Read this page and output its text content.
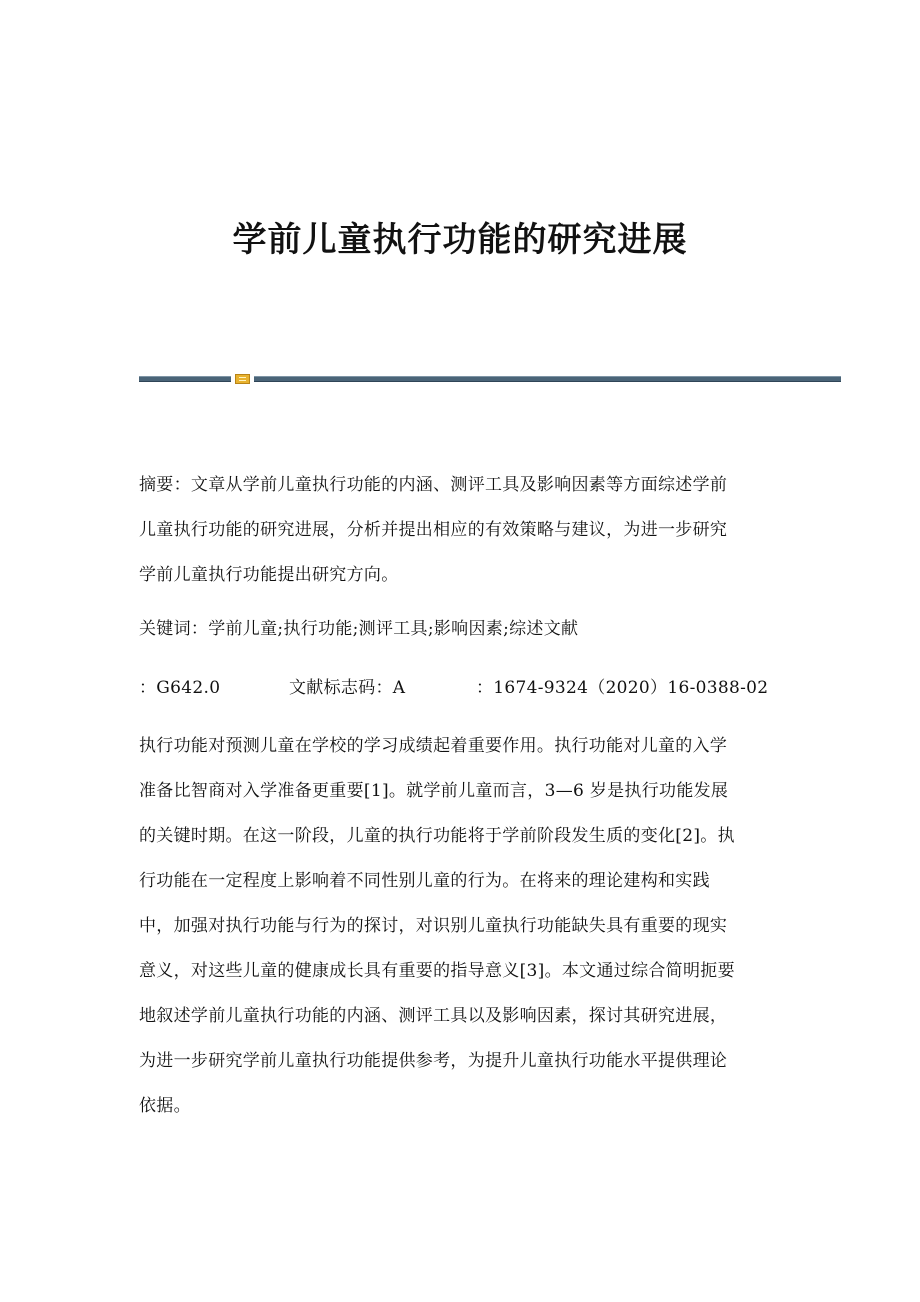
学前儿童执行功能的研究进展
摘要：文章从学前儿童执行功能的内涵、测评工具及影响因素等方面综述学前
儿童执行功能的研究进展，分析并提出相应的有效策略与建议，为进一步研究
学前儿童执行功能提出研究方向。
关键词：学前儿童;执行功能;测评工具;影响因素;综述文献
：G642.0	文献标志码：A	：1674-9324（2020）16-0388-02
执行功能对预测儿童在学校的学习成绩起着重要作用。执行功能对儿童的入学
准备比智商对入学准备更重要[1]。就学前儿童而言，3—6 岁是执行功能发展
的关键时期。在这一阶段，儿童的执行功能将于学前阶段发生质的变化[2]。执
行功能在一定程度上影响着不同性别儿童的行为。在将来的理论建构和实践
中，加强对执行功能与行为的探讨，对识别儿童执行功能缺失具有重要的现实
意义，对这些儿童的健康成长具有重要的指导意义[3]。本文通过综合简明扼要
地叙述学前儿童执行功能的内涵、测评工具以及影响因素，探讨其研究进展，
为进一步研究学前儿童执行功能提供参考，为提升儿童执行功能水平提供理论
依据。
